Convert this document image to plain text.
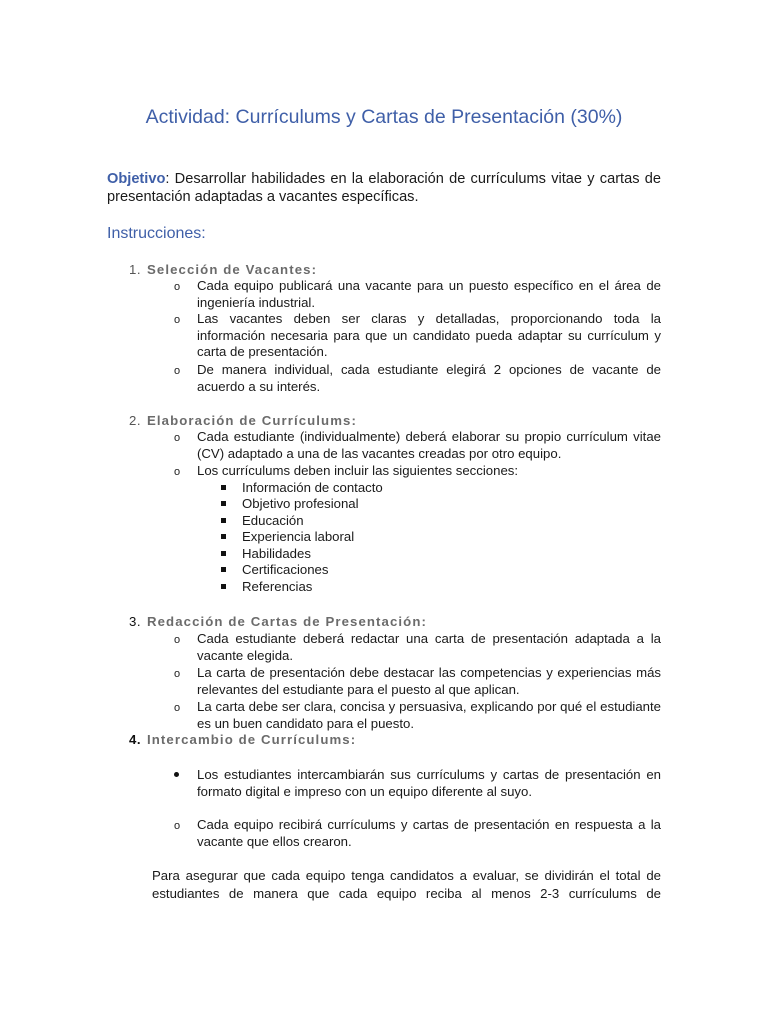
Actividad: Currículums y Cartas de Presentación (30%)
Objetivo: Desarrollar habilidades en la elaboración de currículums vitae y cartas de presentación adaptadas a vacantes específicas.
Instrucciones:
1. Selección de Vacantes:
o Cada equipo publicará una vacante para un puesto específico en el área de ingeniería industrial.
o Las vacantes deben ser claras y detalladas, proporcionando toda la información necesaria para que un candidato pueda adaptar su currículum y carta de presentación.
o De manera individual, cada estudiante elegirá 2 opciones de vacante de acuerdo a su interés.
2. Elaboración de Currículums:
o Cada estudiante (individualmente) deberá elaborar su propio currículum vitae (CV) adaptado a una de las vacantes creadas por otro equipo.
o Los currículums deben incluir las siguientes secciones:
Información de contacto
Objetivo profesional
Educación
Experiencia laboral
Habilidades
Certificaciones
Referencias
3. Redacción de Cartas de Presentación:
o Cada estudiante deberá redactar una carta de presentación adaptada a la vacante elegida.
o La carta de presentación debe destacar las competencias y experiencias más relevantes del estudiante para el puesto al que aplican.
o La carta debe ser clara, concisa y persuasiva, explicando por qué el estudiante es un buen candidato para el puesto.
4. Intercambio de Currículums:
Los estudiantes intercambiarán sus currículums y cartas de presentación en formato digital e impreso con un equipo diferente al suyo.
o Cada equipo recibirá currículums y cartas de presentación en respuesta a la vacante que ellos crearon.
Para asegurar que cada equipo tenga candidatos a evaluar, se dividirán el total de estudiantes de manera que cada equipo reciba al menos 2-3 currículums de
